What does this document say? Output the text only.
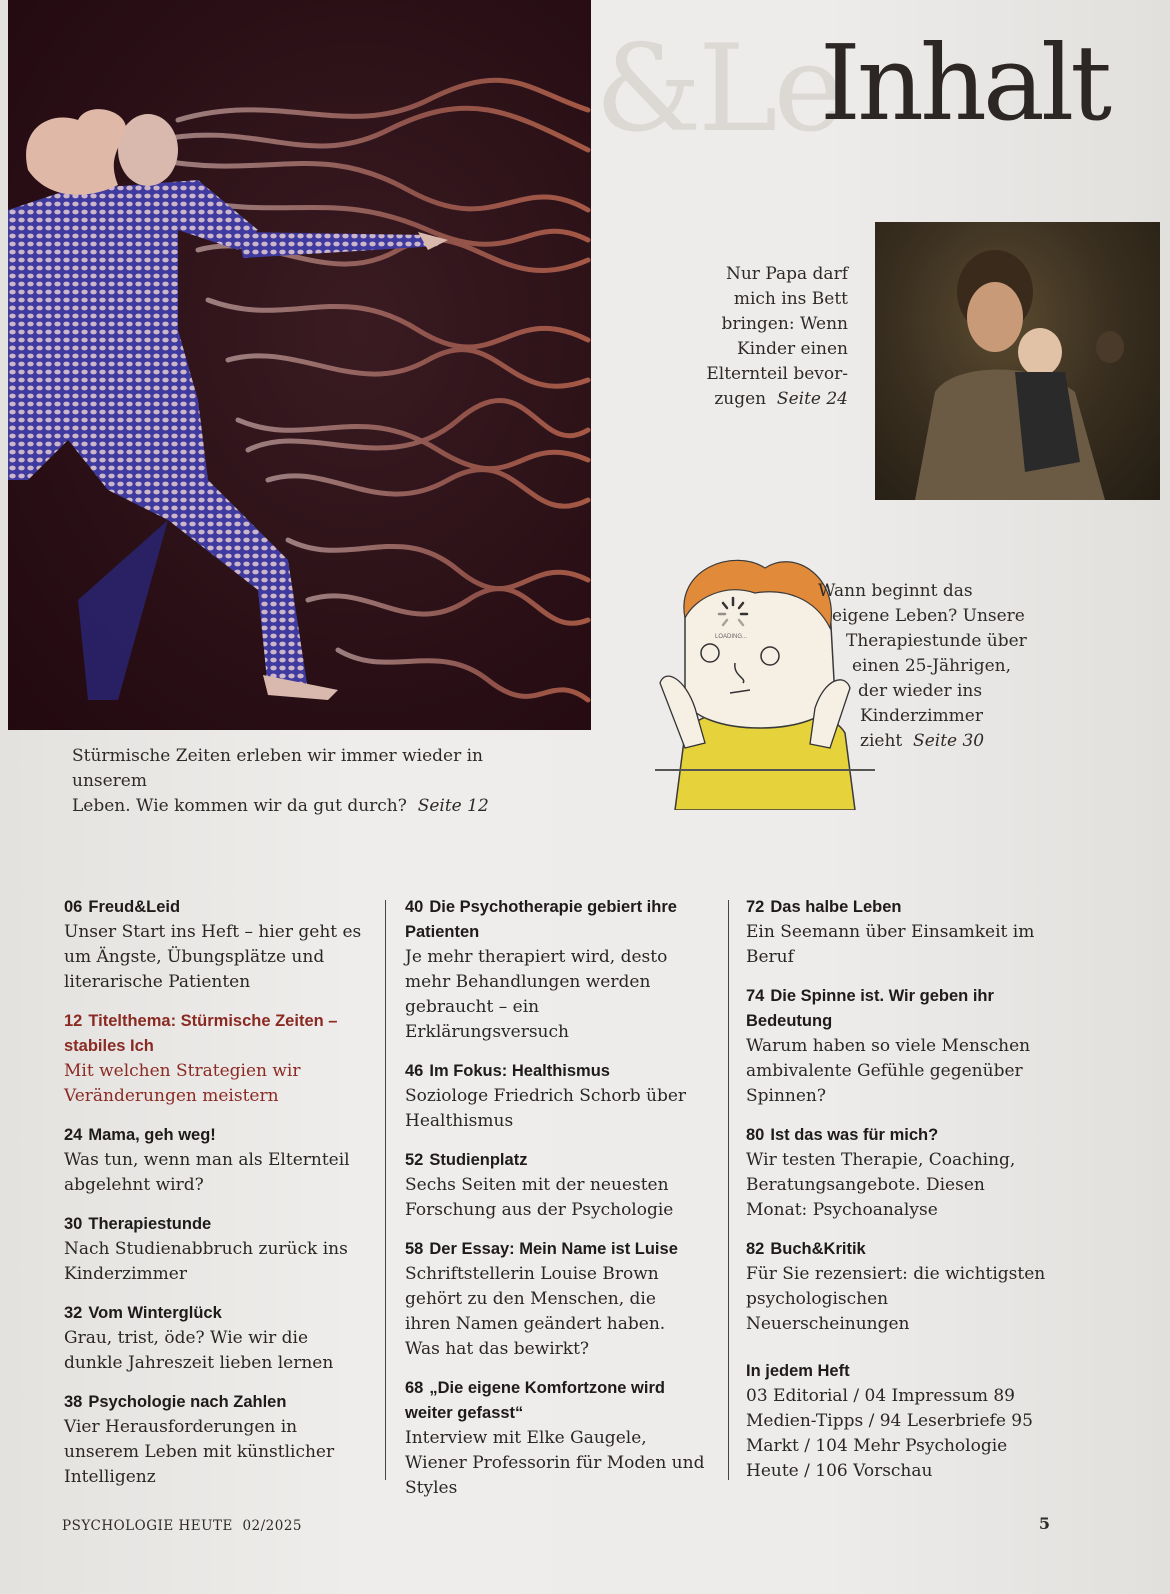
&Le
Inhalt
Nur Papa darf
mich ins Bett
bringen: Wenn
Kinder einen
Elternteil bevor-
zugen Seite 24
LOADING...
Stürmische Zeiten erleben wir immer wieder in unserem
Leben. Wie kommen wir da gut durch? Seite 12
Wann beginnt das
eigene Leben? Unsere
Therapiestunde über
einen 25-Jährigen,
der wieder ins
Kinderzimmer
zieht Seite 30
06 Freud&Leid
Unser Start ins Heft – hier geht es um Ängste, Übungsplätze und literarische Patienten
12 Titelthema: Stürmische Zeiten – stabiles Ich
Mit welchen Strategien wir Veränderungen meistern
24 Mama, geh weg!
Was tun, wenn man als Elternteil abgelehnt wird?
30 Therapiestunde
Nach Studienabbruch zurück ins Kinderzimmer
32 Vom Winterglück
Grau, trist, öde? Wie wir die dunkle Jahreszeit lieben lernen
38 Psychologie nach Zahlen
Vier Herausforderungen in unserem Leben mit künstlicher Intelligenz
40 Die Psychotherapie gebiert ihre Patienten
Je mehr therapiert wird, desto mehr Behandlungen werden gebraucht – ein Erklärungsversuch
46 Im Fokus: Healthismus
Soziologe Friedrich Schorb über Healthismus
52 Studienplatz
Sechs Seiten mit der neuesten Forschung aus der Psychologie
58 Der Essay: Mein Name ist Luise
Schriftstellerin Louise Brown gehört zu den Menschen, die ihren Namen geändert haben. Was hat das bewirkt?
68 „Die eigene Komfortzone wird weiter gefasst“
Interview mit Elke Gaugele, Wiener Professorin für Moden und Styles
72 Das halbe Leben
Ein Seemann über Einsamkeit im Beruf
74 Die Spinne ist. Wir geben ihr Bedeutung
Warum haben so viele Menschen ambivalente Gefühle gegenüber Spinnen?
80 Ist das was für mich?
Wir testen Therapie, Coaching, Beratungsangebote. Diesen Monat: Psychoanalyse
82 Buch&Kritik
Für Sie rezensiert: die wichtigsten psychologischen Neuerscheinungen
In jedem Heft
03 Editorial / 04 Impressum 89 Medien-Tipps / 94 Leserbriefe 95 Markt / 104 Mehr Psychologie Heute / 106 Vorschau
PSYCHOLOGIE HEUTE 02/2025	5
